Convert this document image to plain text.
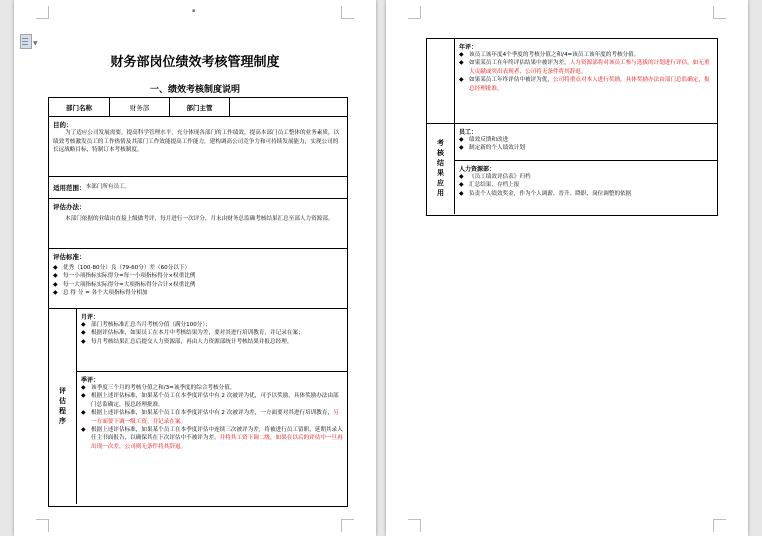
▪
▼
财务部岗位绩效考核管理制度
一、绩效考核制度说明
部门名称	财务部	部门主管
目的：
为了适应公司发展需要，提高科学管理水平，充分体现各部门的工作绩效，提高本部门员工整体的业务素质，以绩效考核激发员工的工作热情及其部门工作效能提高工作能力，建构调高公司竞争力和可持续发展能力，实现公司的长远战略目标，特制订本考核制度。
适用范围： 本部门所有员工。
评估办法：
本部门依据的业绩由直接上级做考评，每月进行一次评分，月末由财务总监确考核结果汇总至部人力资源部。
评估标准：
◆ 优秀（100-80分）良（79-60分）差（60分以下）
◆ 每一小项指标实际得分=每一小项指标得分×权重比例
◆ 每一大项指标实际得分=大项指标得分合计×权重比例
◆ 总 得 分 = 各个大项指标得分相加
评估程序
月评：
◆ 部门考核标准汇总当月考核分值（满分100分）；
◆ 根据评估标准，如果员工在本月中考核结果为差，要对其进行培训教育，并记录在案；
◆ 每月考核结果汇总后提交人力资源部，再由人力资源部统计考核结果并报总经理。
季评：
◆ 该季度三个月的考核分值之和/3=该季度的综合考核分值。
◆ 根据上述评估标准，如果某个员工在本季度评估中有 2 次被评为优，可予以奖励，具体奖励办法由部门总监确定，报总经理批准。
◆ 根据上述评估标准，如果某个员工在本季度评估中有 2 次被评为差，一方面要对其进行培训教育，另一方面要下调一级工资，并记录在案。
◆ 根据上述评估标准，如果某个员工在本季度评估中连续三次被评为差，将被进行员工留职，延期其录入任主书面报告，以确保其在下次评估中不被评为差。并将其工资下调二级，如果在以后的评估中一旦再出现一次差，公司则无条件将其辞退。
年评：
◆ 该员工该年度4个季度的考核分值之和/4=该员工该年度的考核分值。
◆ 如果某员工在年终评估结果中被评为差，人力资源部将对该员工参与选拔的计划进行评估，如无重大贡献或突出表现者，公司将无条件将其辞退。
◆ 如果某员工年终评估中被评为优，公司将重点对本人进行奖励，具体奖励办法由部门总监确定，报总经理批准。
考核结果应用
员工：
◆ 绩效反馈和改进
◆ 制定新的个人绩效计划
人力资源部：
◆ 《员工绩效评估表》归档
◆ 汇总结果、存档上报
◆ 负责个人绩效奖金，作为个人调薪、晋升、降职、岗位调整的依据
